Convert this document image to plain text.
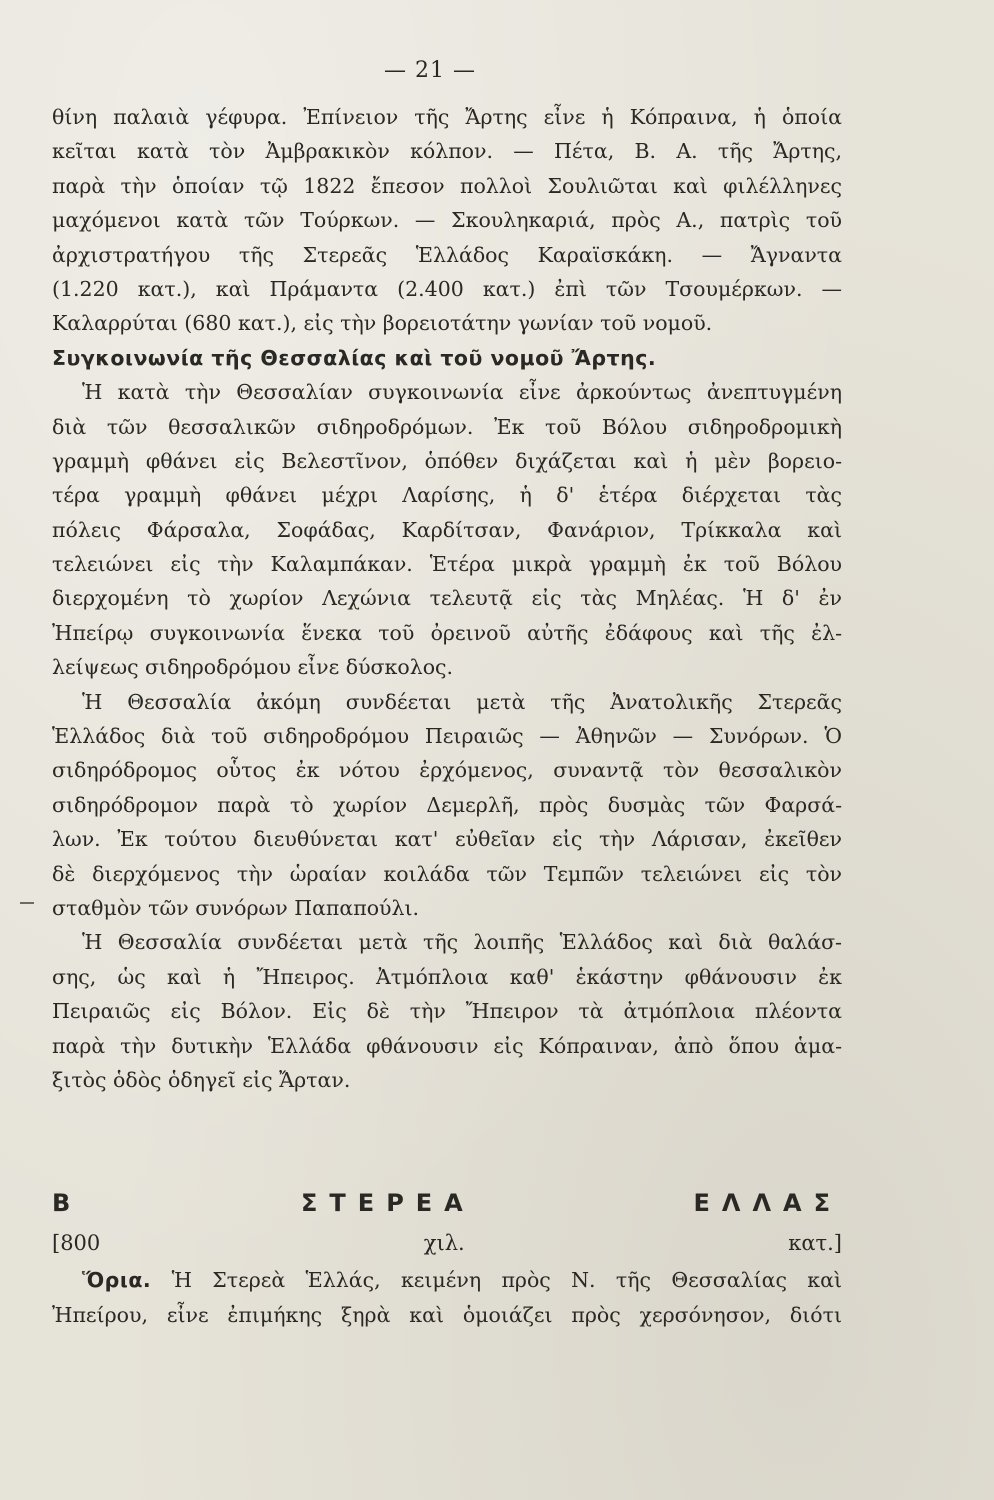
— 21 —
θίνη παλαιὰ γέφυρα. Ἐπίνειον τῆς Ἄρτης εἶνε ἡ Κόπραινα, ἡ ὁποία
κεῖται κατὰ τὸν Ἀμβρακικὸν κόλπον. — Πέτα, Β. Α. τῆς Ἄρτης,
παρὰ τὴν ὁποίαν τῷ 1822 ἔπεσον πολλοὶ Σουλιῶται καὶ φιλέλληνες
μαχόμενοι κατὰ τῶν Τούρκων. — Σκουληκαριά, πρὸς Α., πατρὶς τοῦ
ἀρχιστρατήγου τῆς Στερεᾶς Ἑλλάδος Καραϊσκάκη. — Ἄγναντα
(1.220 κατ.), καὶ Πράμαντα (2.400 κατ.) ἐπὶ τῶν Τσουμέρκων. —
Καλαρρύται (680 κατ.), εἰς τὴν βορειοτάτην γωνίαν τοῦ νομοῦ.
Συγκοινωνία τῆς Θεσσαλίας καὶ τοῦ νομοῦ Ἄρτης.
Ἡ κατὰ τὴν Θεσσαλίαν συγκοινωνία εἶνε ἀρκούντως ἀνεπτυγμένη
διὰ τῶν θεσσαλικῶν σιδηροδρόμων. Ἐκ τοῦ Βόλου σιδηροδρομικὴ
γραμμὴ φθάνει εἰς Βελεστῖνον, ὁπόθεν διχάζεται καὶ ἡ μὲν βορειο-
τέρα γραμμὴ φθάνει μέχρι Λαρίσης, ἡ δ' ἑτέρα διέρχεται τὰς
πόλεις Φάρσαλα, Σοφάδας, Καρδίτσαν, Φανάριον, Τρίκκαλα καὶ
τελειώνει εἰς τὴν Καλαμπάκαν. Ἑτέρα μικρὰ γραμμὴ ἐκ τοῦ Βόλου
διερχομένη τὸ χωρίον Λεχώνια τελευτᾷ εἰς τὰς Μηλέας. Ἡ δ' ἐν
Ἠπείρῳ συγκοινωνία ἕνεκα τοῦ ὀρεινοῦ αὐτῆς ἐδάφους καὶ τῆς ἐλ-
λείψεως σιδηροδρόμου εἶνε δύσκολος.
Ἡ Θεσσαλία ἀκόμη συνδέεται μετὰ τῆς Ἀνατολικῆς Στερεᾶς
Ἑλλάδος διὰ τοῦ σιδηροδρόμου Πειραιῶς — Ἀθηνῶν — Συνόρων. Ὁ
σιδηρόδρομος οὗτος ἐκ νότου ἐρχόμενος, συναντᾷ τὸν θεσσαλικὸν
σιδηρόδρομον παρὰ τὸ χωρίον Δεμερλῆ, πρὸς δυσμὰς τῶν Φαρσά-
λων. Ἐκ τούτου διευθύνεται κατ' εὐθεῖαν εἰς τὴν Λάρισαν, ἐκεῖθεν
δὲ διερχόμενος τὴν ὡραίαν κοιλάδα τῶν Τεμπῶν τελειώνει εἰς τὸν
σταθμὸν τῶν συνόρων Παπαπούλι.
Ἡ Θεσσαλία συνδέεται μετὰ τῆς λοιπῆς Ἑλλάδος καὶ διὰ θαλάσ-
σης, ὡς καὶ ἡ Ἤπειρος. Ἀτμόπλοια καθ' ἑκάστην φθάνουσιν ἐκ
Πειραιῶς εἰς Βόλον. Εἰς δὲ τὴν Ἤπειρον τὰ ἀτμόπλοια πλέοντα
παρὰ τὴν δυτικὴν Ἑλλάδα φθάνουσιν εἰς Κόπραιναν, ἀπὸ ὅπου ἁμα-
ξιτὸς ὁδὸς ὁδηγεῖ εἰς Ἄρταν.
Β ΣΤΕΡΕΑ ΕΛΛΑΣ
[800 χιλ. κατ.]
Ὅρια. Ἡ Στερεὰ Ἑλλάς, κειμένη πρὸς Ν. τῆς Θεσσαλίας καὶ
Ἠπείρου, εἶνε ἐπιμήκης ξηρὰ καὶ ὁμοιάζει πρὸς χερσόνησον, διότι
